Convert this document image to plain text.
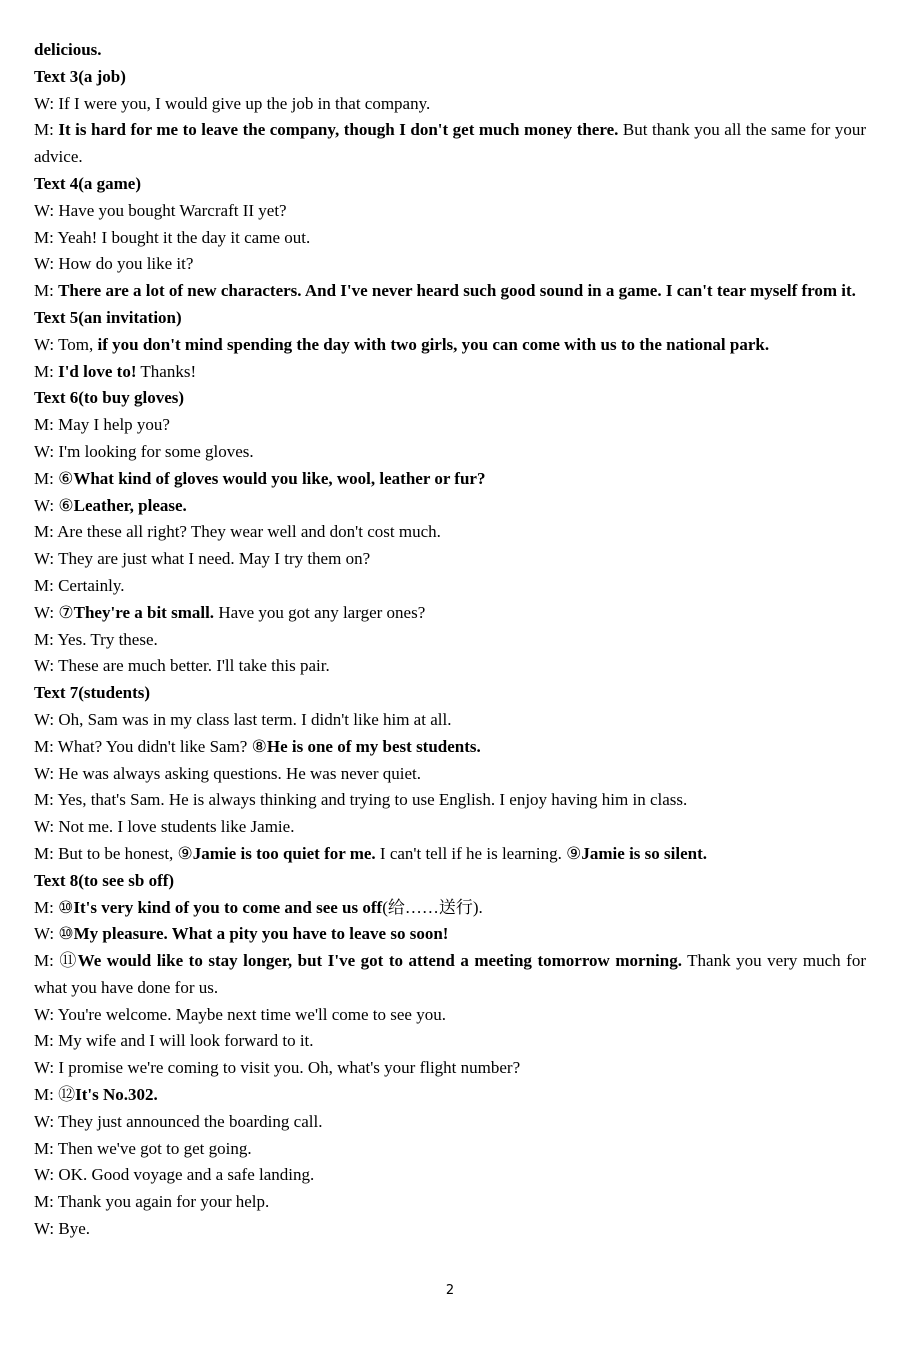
delicious.

Text 3(a job)

W: If I were you, I would give up the job in that company.

M: It is hard for me to leave the company, though I don't get much money there. But thank you all the same for your advice.

Text 4(a game)

W: Have you bought Warcraft II yet?

M: Yeah! I bought it the day it came out.

W: How do you like it?

M: There are a lot of new characters. And I've never heard such good sound in a game. I can't tear myself from it.

Text 5(an invitation)

W: Tom, if you don't mind spending the day with two girls, you can come with us to the national park.

M: I'd love to! Thanks!

Text 6(to buy gloves)

M: May I help you?

W: I'm looking for some gloves.

M: ⑥What kind of gloves would you like, wool, leather or fur?

W: ⑥Leather, please.

M: Are these all right? They wear well and don't cost much.

W: They are just what I need. May I try them on?

M: Certainly.

W: ⑦They're a bit small. Have you got any larger ones?

M: Yes. Try these.

W: These are much better. I'll take this pair.

Text 7(students)

W: Oh, Sam was in my class last term. I didn't like him at all.

M: What? You didn't like Sam? ⑧He is one of my best students.

W: He was always asking questions. He was never quiet.

M: Yes, that's Sam. He is always thinking and trying to use English. I enjoy having him in class.

W: Not me. I love students like Jamie.

M: But to be honest, ⑨Jamie is too quiet for me. I can't tell if he is learning. ⑨Jamie is so silent.

Text 8(to see sb off)

M: ⑩It's very kind of you to come and see us off(给……送行).

W: ⑩My pleasure. What a pity you have to leave so soon!

M: ⑪We would like to stay longer, but I've got to attend a meeting tomorrow morning. Thank you very much for what you have done for us.

W: You're welcome. Maybe next time we'll come to see you.

M: My wife and I will look forward to it.

W: I promise we're coming to visit you. Oh, what's your flight number?

M: ⑫It's No.302.

W: They just announced the boarding call.

M: Then we've got to get going.

W: OK. Good voyage and a safe landing.

M: Thank you again for your help.

W: Bye.

2
